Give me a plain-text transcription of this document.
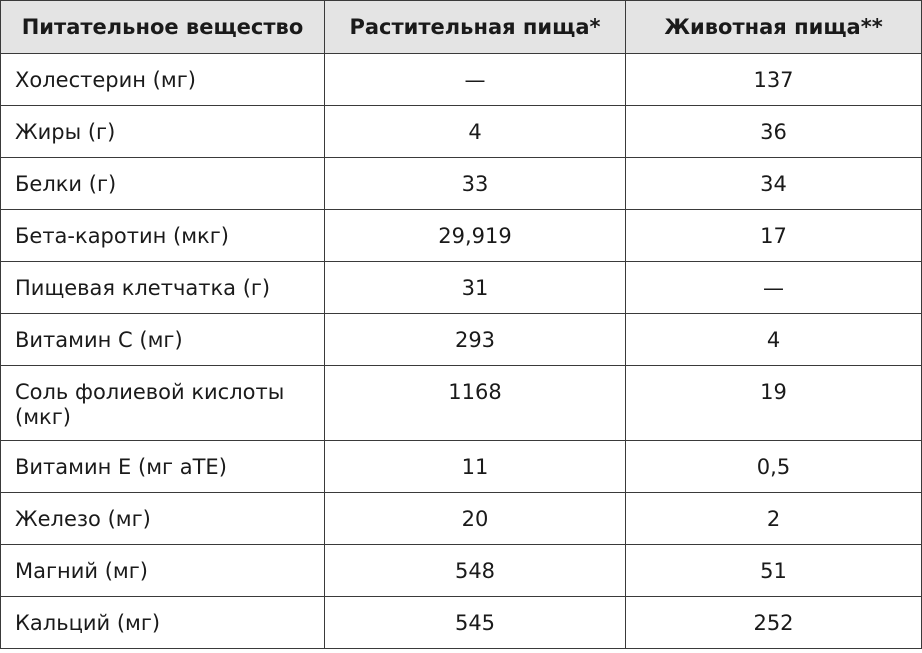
Питательное вещество	Растительная пища*	Животная пища**
Холестерин (мг)	—	137
Жиры (г)	4	36
Белки (г)	33	34
Бета-каротин (мкг)	29,919	17
Пищевая клетчатка (г)	31	—
Витамин С (мг)	293	4
Соль фолиевой кислоты (мкг)	1168	19
Витамин Е (мг аТЕ)	11	0,5
Железо (мг)	20	2
Магний (мг)	548	51
Кальций (мг)	545	252
